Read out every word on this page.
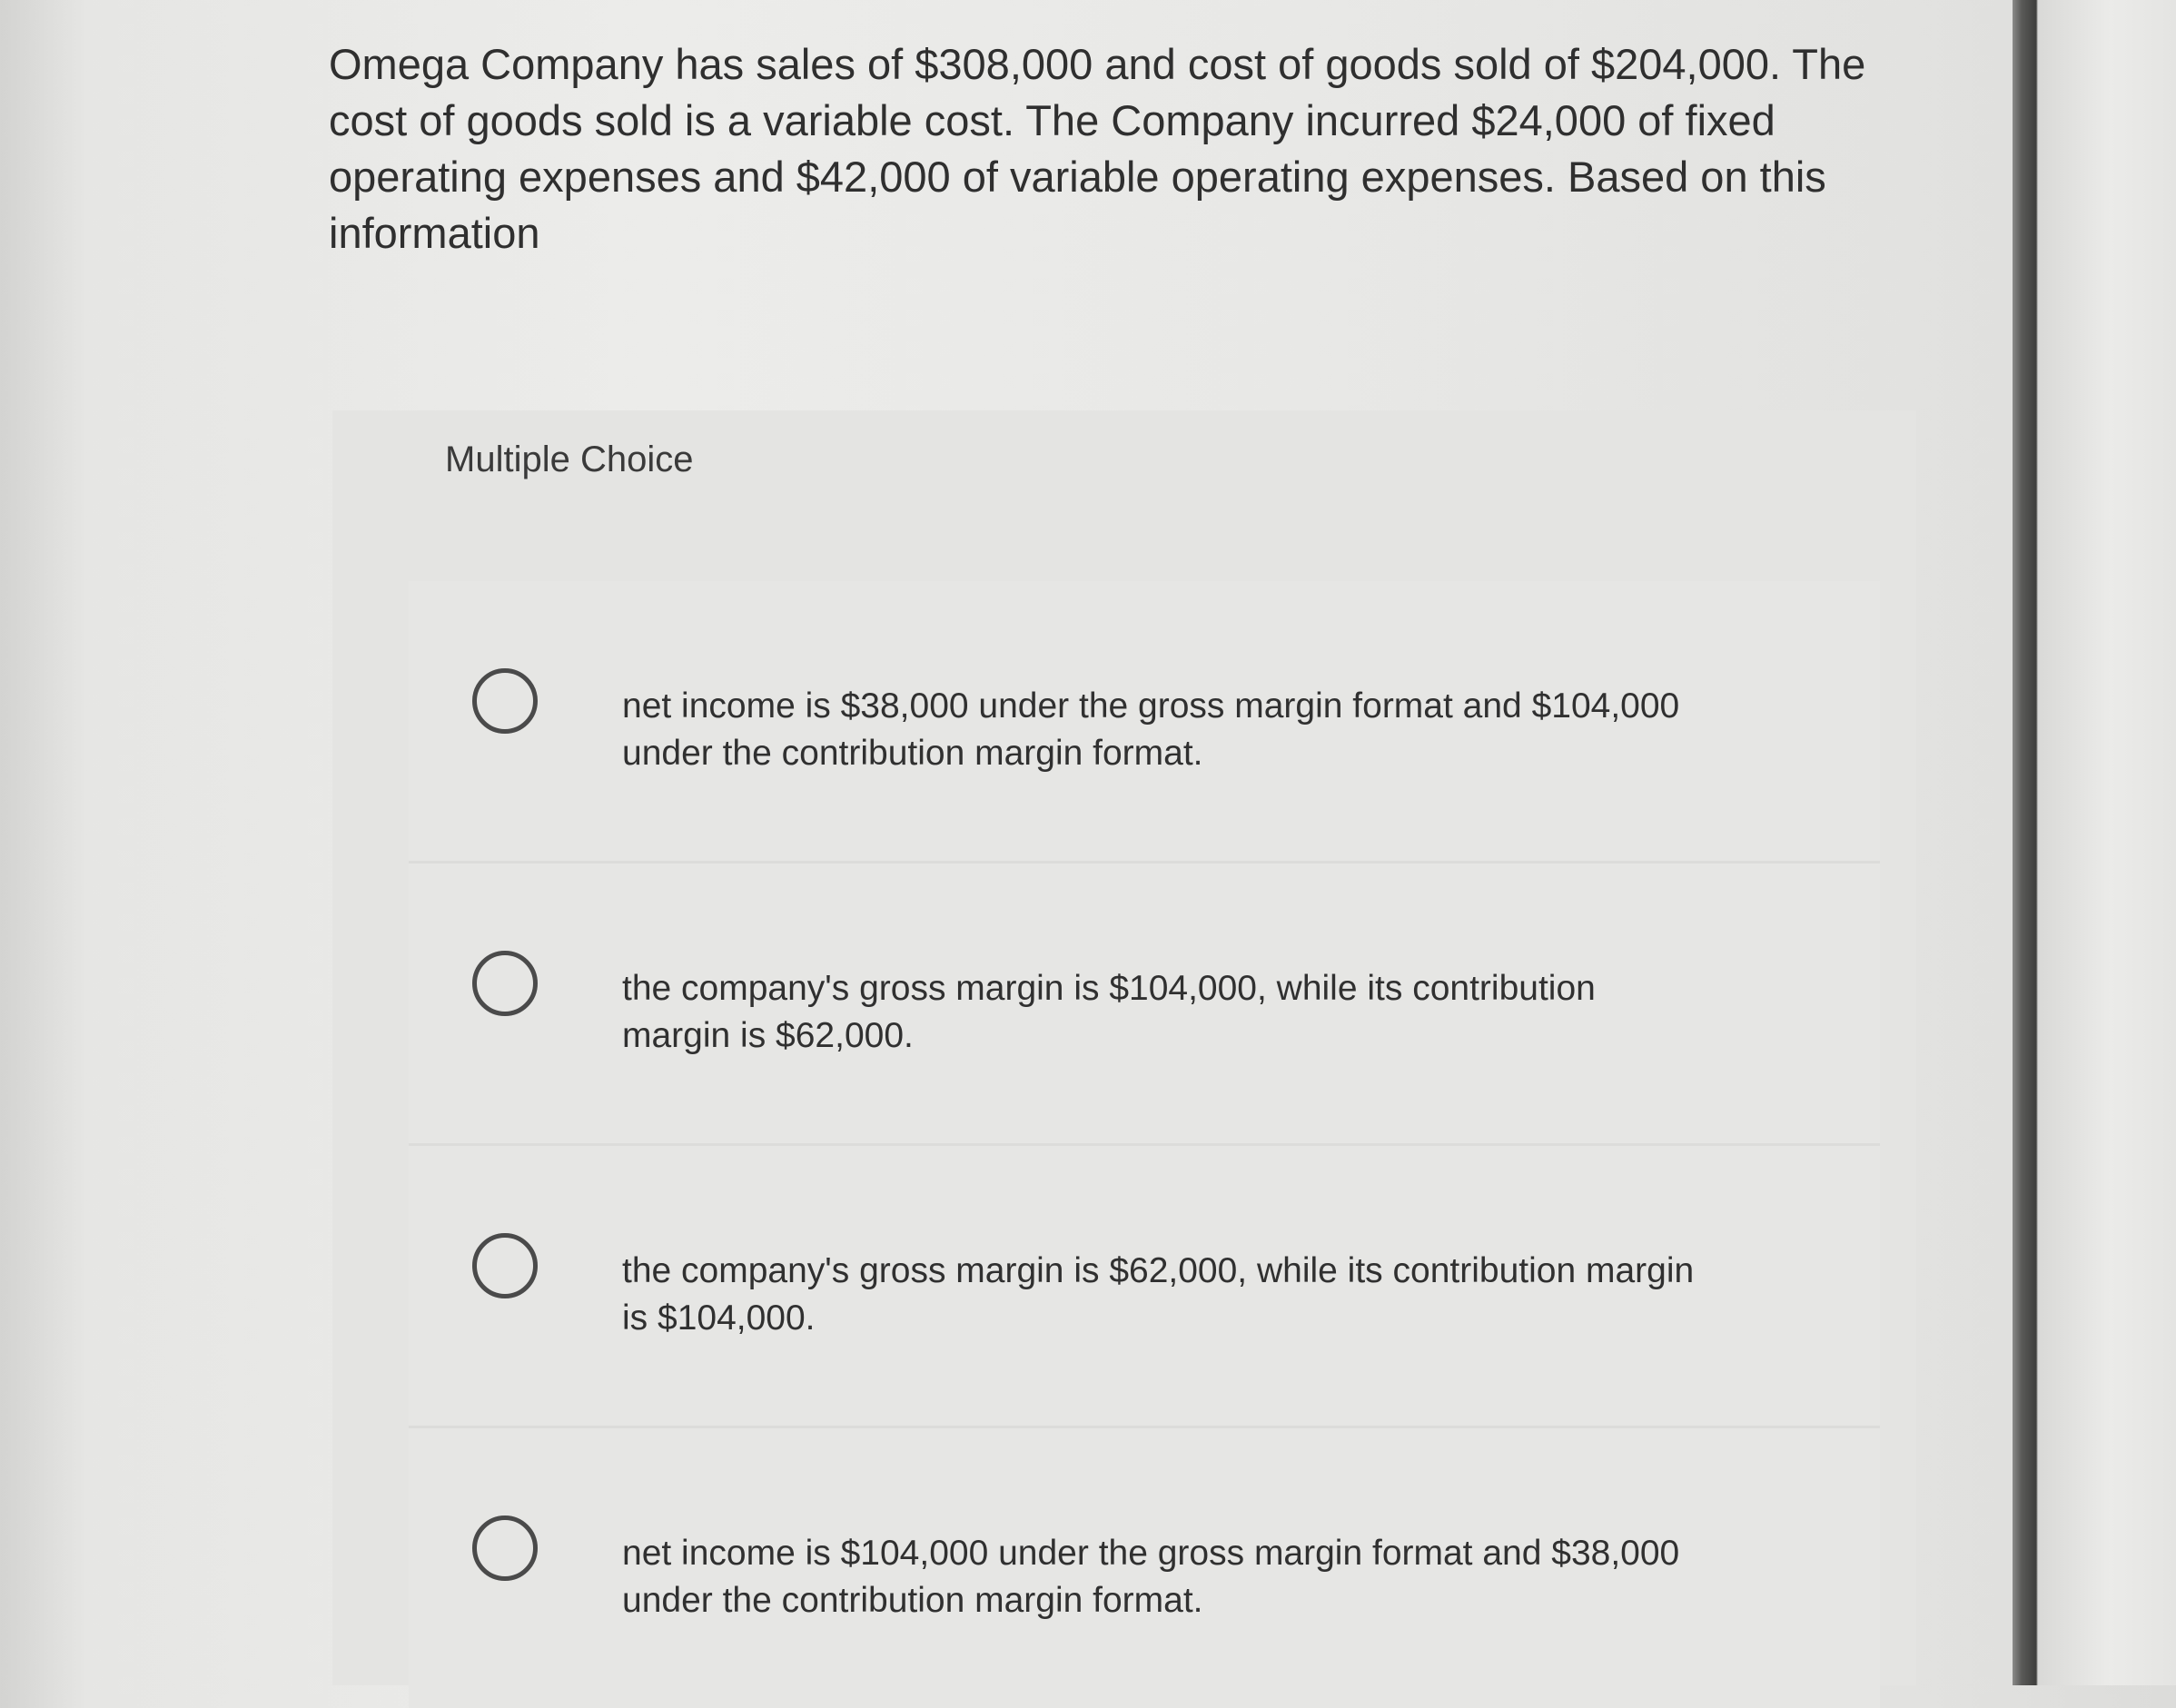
Omega Company has sales of $308,000 and cost of goods sold of $204,000. The cost of goods sold is a variable cost. The Company incurred $24,000 of fixed operating expenses and $42,000 of variable operating expenses. Based on this information

Multiple Choice
net income is $38,000 under the gross margin format and $104,000 under the contribution margin format.
the company's gross margin is $104,000, while its contribution margin is $62,000.
the company's gross margin is $62,000, while its contribution margin is $104,000.
net income is $104,000 under the gross margin format and $38,000 under the contribution margin format.
